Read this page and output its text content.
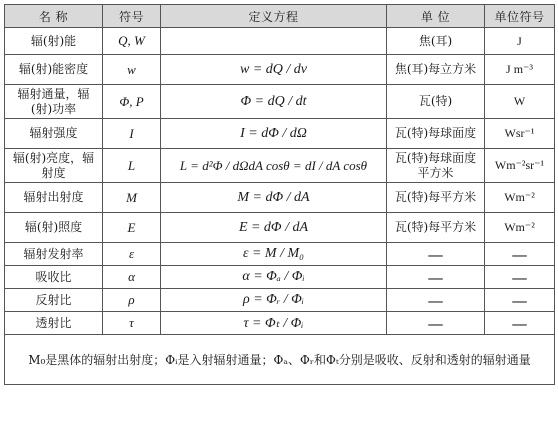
名 称	符号	定义方程	单 位	单位符号
辐(射)能	Q, W		焦(耳)	J
辐(射)能密度	w	w = dQ / dv	焦(耳)每立方米	J m⁻³
辐射通量，辐(射)功率	Φ, P	Φ = dQ / dt	瓦(特)	W
辐射强度	I	I = dΦ / dΩ	瓦(特)每球面度	Wsr⁻¹
辐(射)亮度，辐射度	L	L = d²Φ / dΩdA cosθ = dI / dA cosθ	瓦(特)每球面度平方米	Wm⁻²sr⁻¹
辐射出射度	M	M = dΦ / dA	瓦(特)每平方米	Wm⁻²
辐(射)照度	E	E = dΦ / dA	瓦(特)每平方米	Wm⁻²
辐射发射率	ε	ε = M / M₀	—	—
吸收比	α	α = Φₐ / Φᵢ	—	—
反射比	ρ	ρ = Φᵣ / Φᵢ	—	—
透射比	τ	τ = Φₜ / Φᵢ	—	—
M₀是黑体的辐射出射度；Φᵢ是入射辐射通量；Φₐ、Φᵣ和Φₜ分别是吸收、反射和透射的辐射通量				
